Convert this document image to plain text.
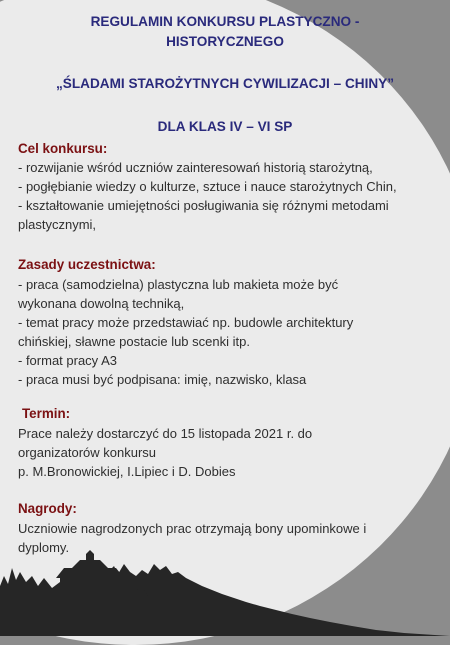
REGULAMIN KONKURSU PLASTYCZNO -
HISTORYCZNEGO
„ŚLADAMI STAROŻYTNYCH CYWILIZACJI – CHINY”
DLA KLAS IV – VI SP
Cel konkursu:
- rozwijanie wśród uczniów zainteresowań historią starożytną,
- pogłębianie wiedzy o kulturze, sztuce i nauce starożytnych Chin,
- kształtowanie umiejętności posługiwania się różnymi metodami
plastycznymi,
Zasady uczestnictwa:
- praca (samodzielna) plastyczna lub makieta może być
wykonana dowolną techniką,
- temat pracy może przedstawiać np. budowle architektury
chińskiej, sławne postacie lub scenki itp.
- format pracy A3
- praca musi być podpisana: imię, nazwisko, klasa
Termin:
Prace należy dostarczyć do 15 listopada 2021 r. do
organizatorów konkursu
p. M.Bronowickiej, I.Lipiec i D. Dobies
Nagrody:
Uczniowie nagrodzonych prac otrzymają bony upominkowe i
dyplomy.
